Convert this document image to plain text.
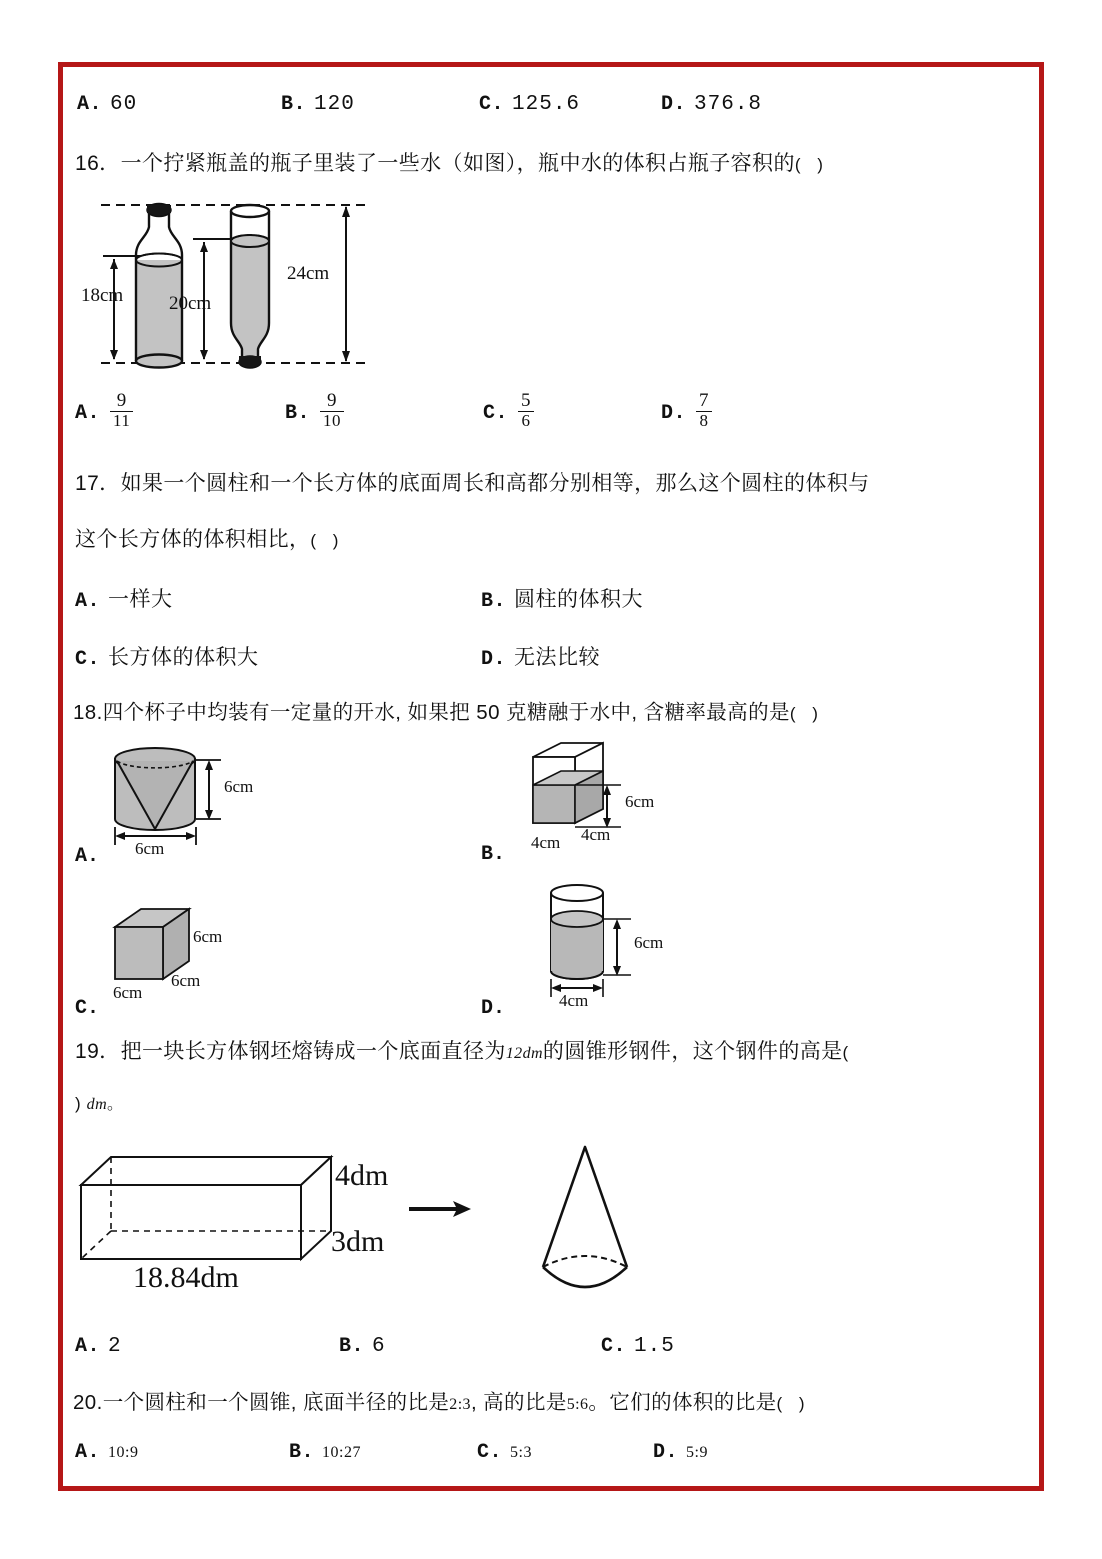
A. 60	B. 120	C. 125.6	D. 376.8
16．一个拧紧瓶盖的瓶子里装了一些水（如图），瓶中水的体积占瓶子容积的( )
18cm 20cm
24cm
A. $\frac{9}{11}$	B. $\frac{9}{10}$	C. $\frac{5}{6}$	D. $\frac{7}{8}$
17．如果一个圆柱和一个长方体的底面周长和高都分别相等，那么这个圆柱的体积与
这个长方体的体积相比，( )
A. 一样大	B. 圆柱的体积大
C. 长方体的体积大	D. 无法比较
18.四个杯子中均装有一定量的开水, 如果把 50 克糖融于水中, 含糖率最高的是( )
6cm
6cm
A.
6cm
4cm
4cm
B.
6cm
6cm
6cm
C.
6cm
4cm
D.
19．把一块长方体钢坯熔铸成一个底面直径为12dm的圆锥形钢件，这个钢件的高是(
)dm。
4dm
3dm
18.84dm
A. 2	B. 6	C. 1.5
20.一个圆柱和一个圆锥, 底面半径的比是2:3, 高的比是5:6。它们的体积的比是( )
A. 10:9	B. 10:27	C. 5:3	D. 5:9
